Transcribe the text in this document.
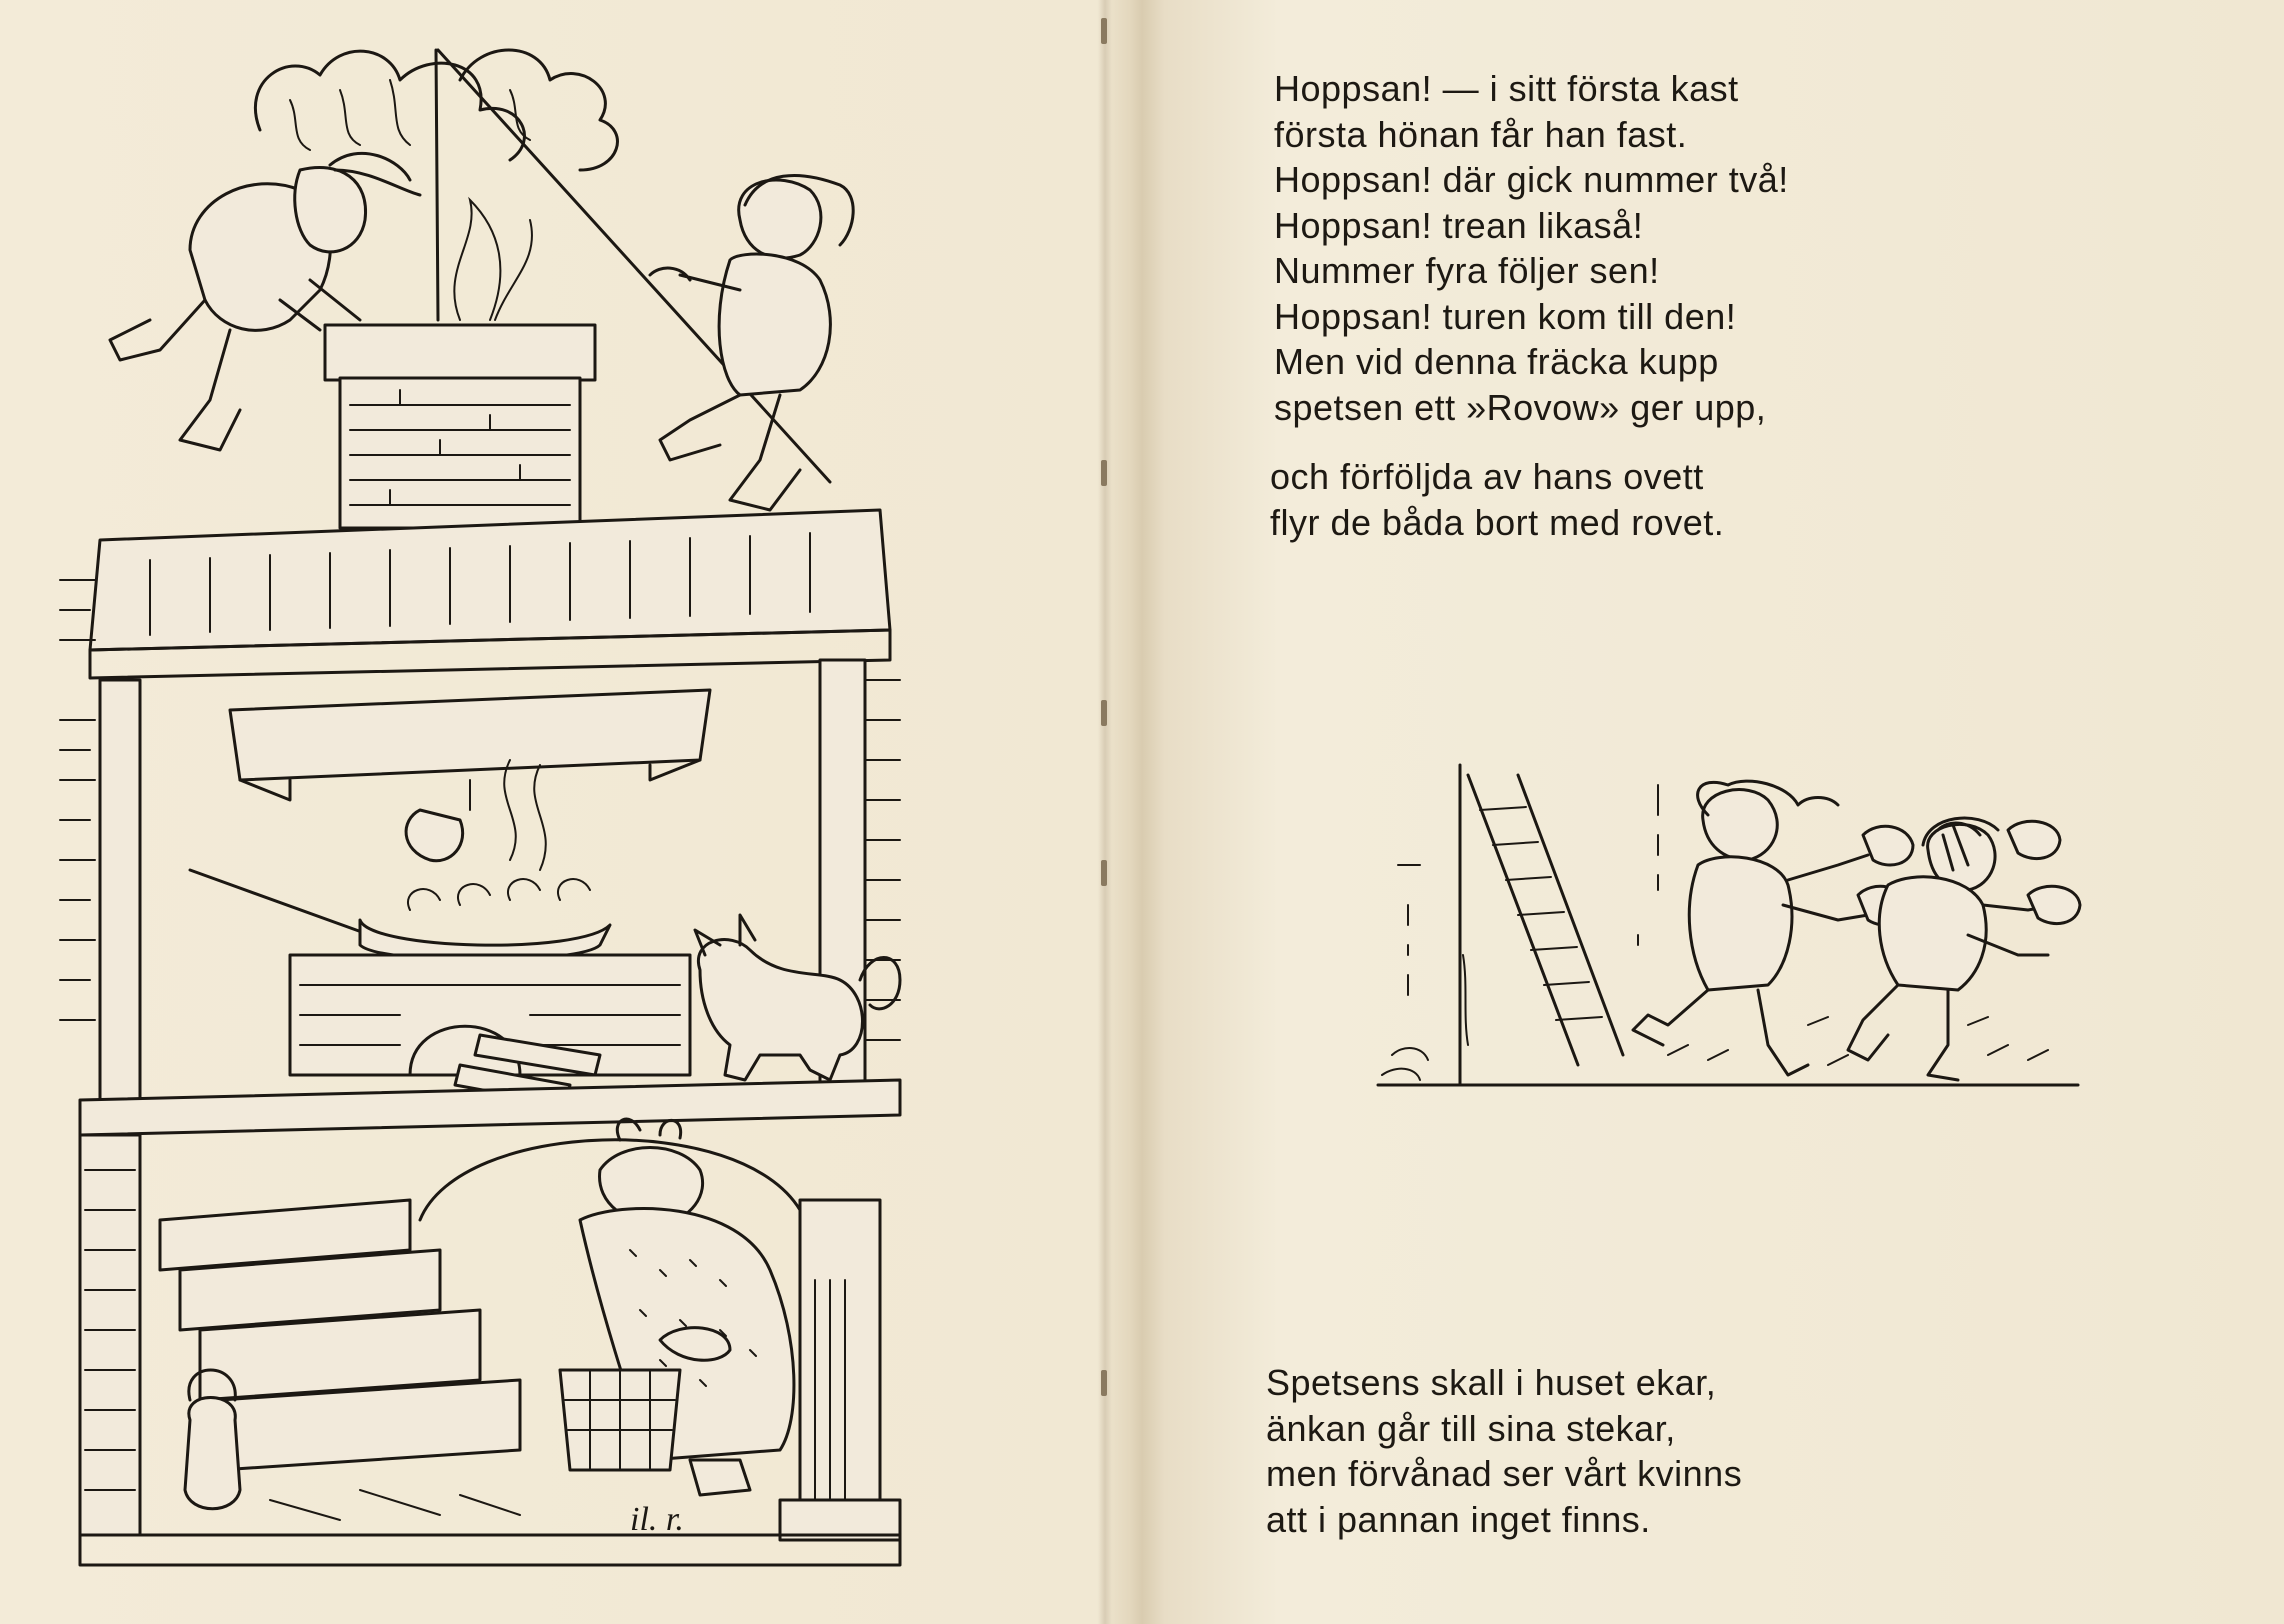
il. r.
Hoppsan! — i sitt första kast
första hönan får han fast.
Hoppsan! där gick nummer två!
Hoppsan! trean likaså!
Nummer fyra följer sen!
Hoppsan! turen kom till den!
Men vid denna fräcka kupp
spetsen ett »Rovow» ger upp,
och förföljda av hans ovett
flyr de båda bort med rovet.
Spetsens skall i huset ekar,
änkan går till sina stekar,
men förvånad ser vårt kvinns
att i pannan inget finns.
